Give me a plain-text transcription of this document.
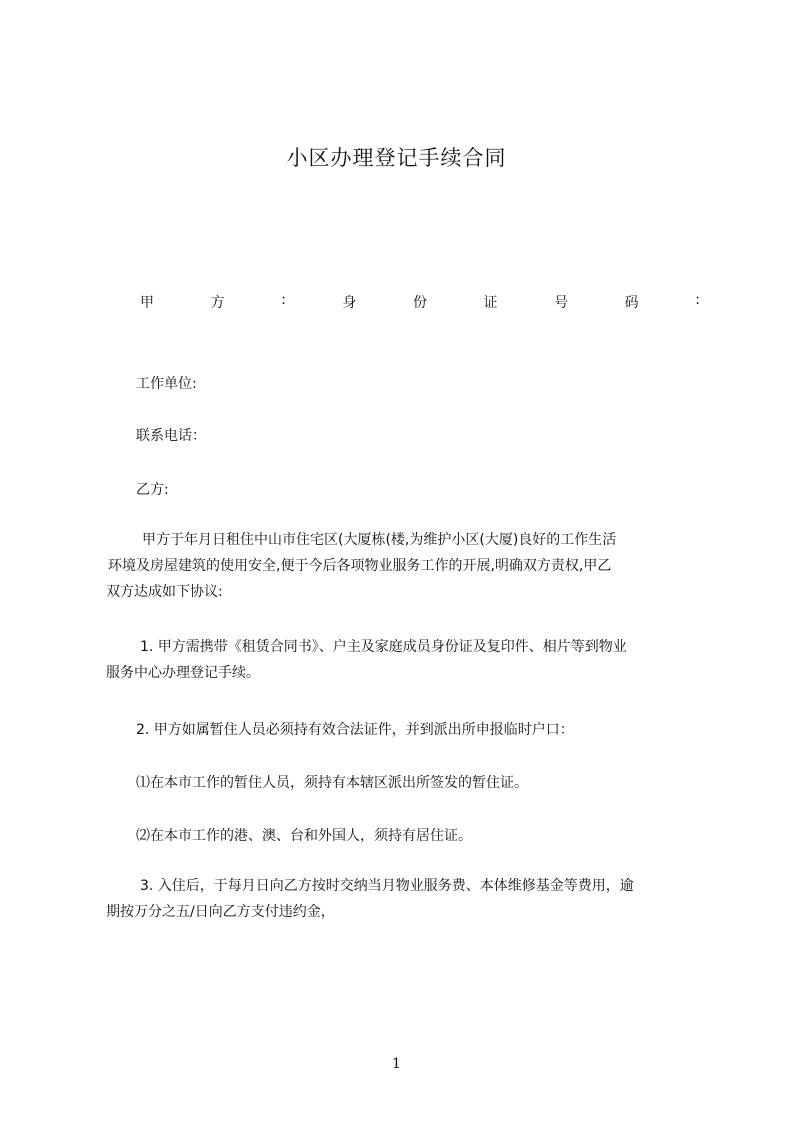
小区办理登记手续合同
甲	方	:	身	份	证	号	码	:
工作单位:
联系电话：
乙方:
甲方于年月日租住中山市住宅区(大厦栋(楼,为维护小区(大厦)良好的工作生活
环境及房屋建筑的使用安全,便于今后各项物业服务工作的开展,明确双方责权,甲乙
双方达成如下协议:
1. 甲方需携带《租赁合同书》、户主及家庭成员身份证及复印件、相片等到物业
服务中心办理登记手续。
2. 甲方如属暂住人员必须持有效合法证件，并到派出所申报临时户口：
⑴在本市工作的暂住人员，须持有本辖区派出所签发的暂住证。
⑵在本市工作的港、澳、台和外国人，须持有居住证。
3. 入住后，于每月日向乙方按时交纳当月物业服务费、本体维修基金等费用，逾
期按万分之五/日向乙方支付违约金，
1
